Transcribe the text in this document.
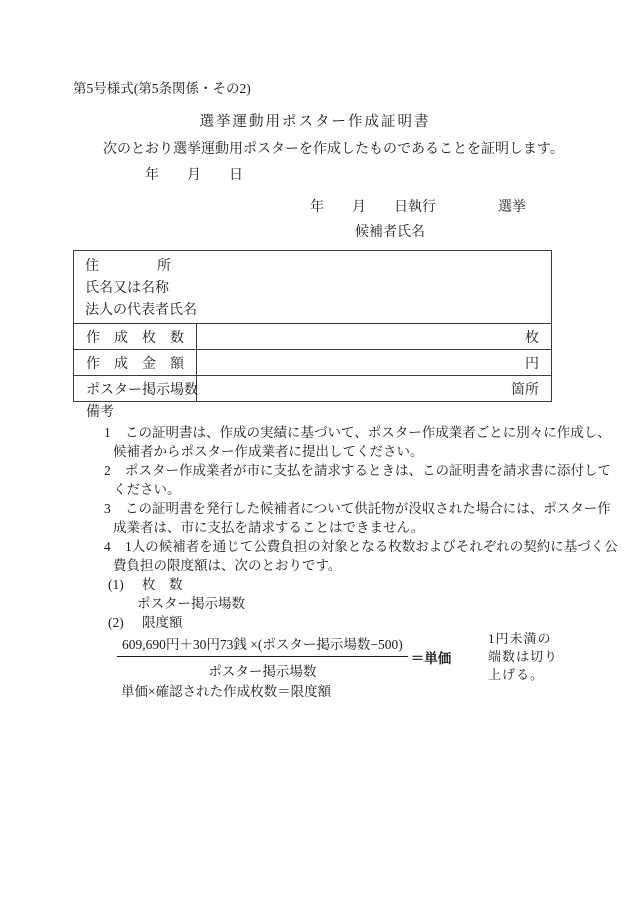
第5号様式(第5条関係・その2)
選挙運動用ポスター作成証明書
次のとおり選挙運動用ポスターを作成したものであることを証明します。
年　　月　　日
年　　月　　日執行	選挙
候補者氏名
住	所
氏名又は名称
法人の代表者氏名
作　成　枚　数	枚
作　成　金　額	円
ポスター掲示場数	箇所
備考
1 この証明書は、作成の実績に基づいて、ポスター作成業者ごとに別々に作成し、
候補者からポスター作成業者に提出してください。
2 ポスター作成業者が市に支払を請求するときは、この証明書を請求書に添付して
ください。
3 この証明書を発行した候補者について供託物が没収された場合には、ポスター作
成業者は、市に支払を請求することはできません。
4 1人の候補者を通じて公費負担の対象となる枚数およびそれぞれの契約に基づく公
費負担の限度額は、次のとおりです。
(1) 枚　数
ポスター掲示場数
(2) 限度額
$\frac{\text{609,690円＋30円73銭 ×(ポスター掲示場数−500)}}{\text{ポスター掲示場数}}$ ＝単価
1円未満の
端数は切り
上げる。
単価×確認された作成枚数＝限度額
